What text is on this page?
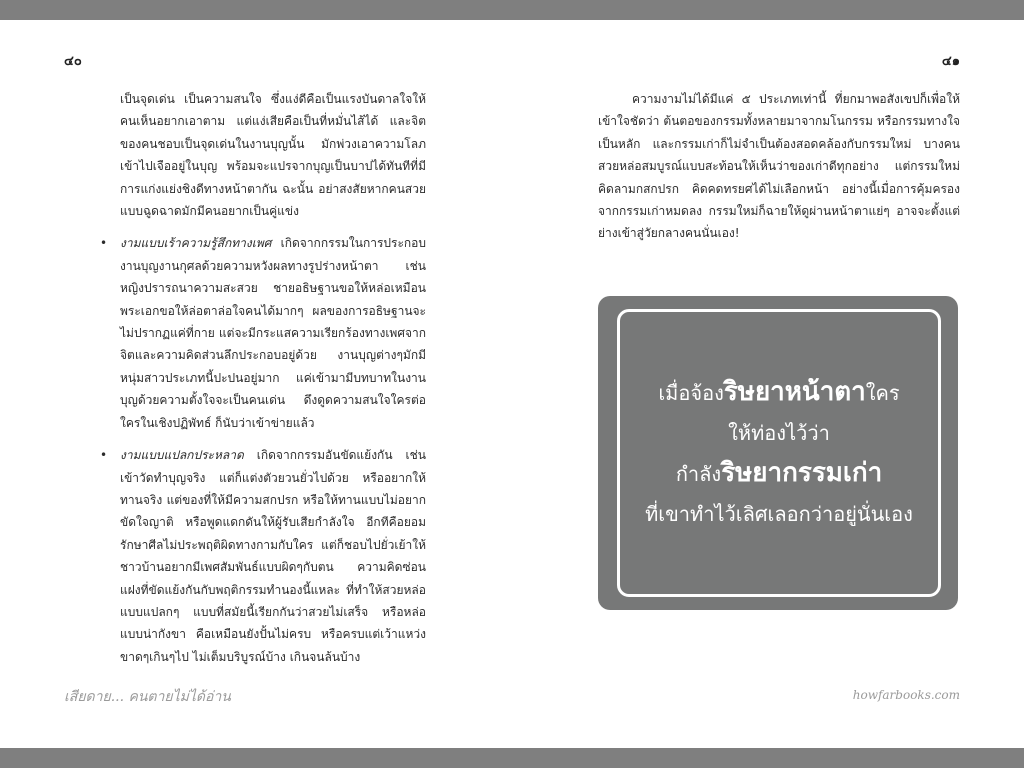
๔๐	๔๑

เป็นจุดเด่น เป็นความสนใจ ซึ่งแง่ดีคือเป็นแรงบันดาลใจให้คนเห็นอยากเอาตาม แต่แง่เสียคือเป็นที่หมั่นไส้ได้ และจิตของคนชอบเป็นจุดเด่นในงานบุญนั้น มักพ่วงเอาความโลภเข้าไปเจืออยู่ในบุญ พร้อมจะแปรจากบุญเป็นบาปได้ทันทีที่มีการแก่งแย่งชิงดีทางหน้าตากัน ฉะนั้น อย่าสงสัยหากคนสวยแบบฉูดฉาดมักมีคนอยากเป็นคู่แข่ง

• งามแบบเร้าความรู้สึกทางเพศ เกิดจากกรรมในการประกอบงานบุญงานกุศลด้วยความหวังผลทางรูปร่างหน้าตา เช่น หญิงปรารถนาความสะสวย ชายอธิษฐานขอให้หล่อเหมือนพระเอกขอให้ล่อตาล่อใจคนได้มากๆ ผลของการอธิษฐานจะไม่ปรากฏแค่ที่กาย แต่จะมีกระแสความเรียกร้องทางเพศจากจิตและความคิดส่วนลึกประกอบอยู่ด้วย งานบุญต่างๆมักมีหนุ่มสาวประเภทนี้ปะปนอยู่มาก แค่เข้ามามีบทบาทในงานบุญด้วยความตั้งใจจะเป็นคนเด่น ดึงดูดความสนใจใครต่อใครในเชิงปฏิพัทธ์ ก็นับว่าเข้าข่ายแล้ว
• งามแบบแปลกประหลาด เกิดจากกรรมอันขัดแย้งกัน เช่น เข้าวัดทำบุญจริง แต่ก็แต่งตัวยวนยั่วไปด้วย หรืออยากให้ทานจริง แต่ของที่ให้มีความสกปรก หรือให้ทานแบบไม่อยากขัดใจญาติ หรือพูดแดกดันให้ผู้รับเสียกำลังใจ อีกทีคือยอมรักษาศีลไม่ประพฤติผิดทางกามกับใคร แต่ก็ชอบไปยั่วเย้าให้ชาวบ้านอยากมีเพศสัมพันธ์แบบผิดๆกับตน ความคิดซ่อนแฝงที่ขัดแย้งกันกับพฤติกรรมทำนองนี้แหละ ที่ทำให้สวยหล่อแบบแปลกๆ แบบที่สมัยนี้เรียกกันว่าสวยไม่เสร็จ หรือหล่อแบบน่ากังขา คือเหมือนยังปั้นไม่ครบ หรือครบแต่เว้าแหว่ง ขาดๆเกินๆไป ไม่เต็มบริบูรณ์บ้าง เกินจนล้นบ้าง

ความงามไม่ได้มีแค่ ๕ ประเภทเท่านี้ ที่ยกมาพอสังเขปก็เพื่อให้เข้าใจชัดว่า ต้นตอของกรรมทั้งหลายมาจากมโนกรรม หรือกรรมทางใจเป็นหลัก และกรรมเก่าก็ไม่จำเป็นต้องสอดคล้องกับกรรมใหม่ บางคนสวยหล่อสมบูรณ์แบบสะท้อนให้เห็นว่าของเก่าดีทุกอย่าง แต่กรรมใหม่คิดลามกสกปรก คิดคดทรยศได้ไม่เลือกหน้า อย่างนี้เมื่อการคุ้มครองจากกรรมเก่าหมดลง กรรมใหม่ก็ฉายให้ดูผ่านหน้าตาแย่ๆ อาจจะตั้งแต่ย่างเข้าสู่วัยกลางคนนั่นเอง!

เมื่อจ้องริษยาหน้าตาใคร
ให้ท่องไว้ว่า
กำลังริษยากรรมเก่า
ที่เขาทำไว้เลิศเลอกว่าอยู่นั่นเอง
เสียดาย... คนตายไม่ได้อ่าน	howfarbooks.com
